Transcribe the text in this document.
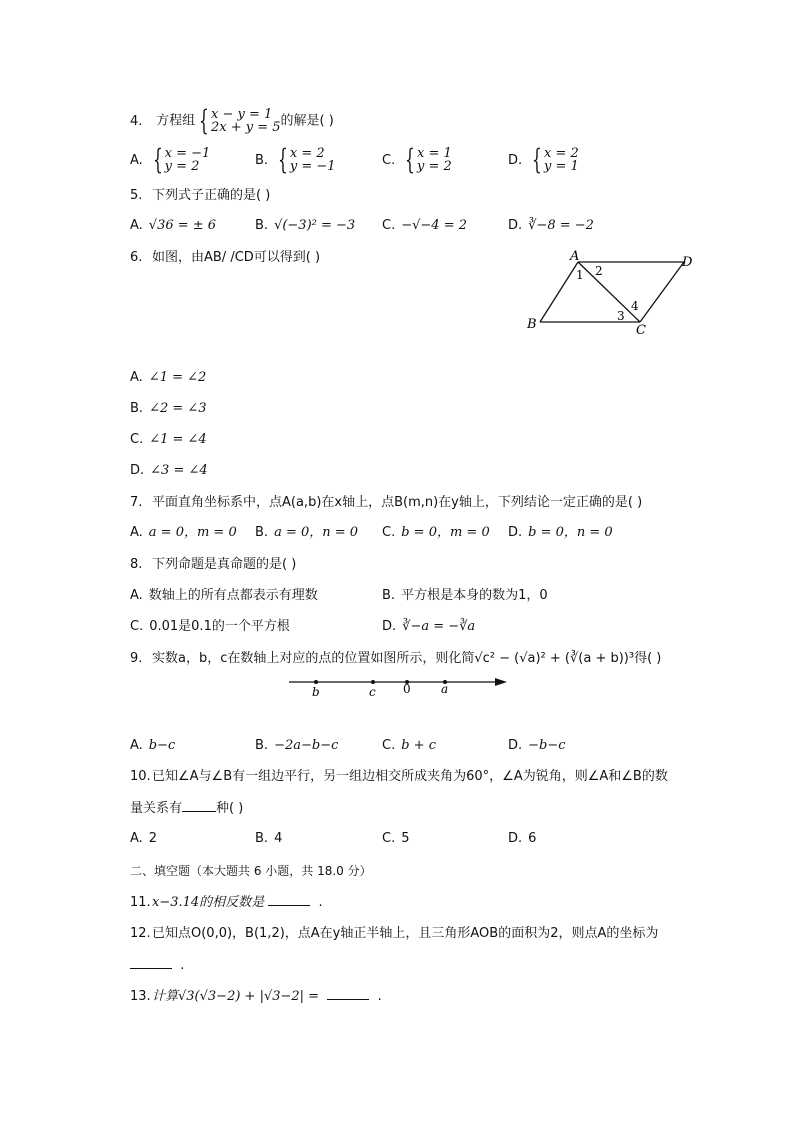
4. 方程组 { x − y = 1
2x + y = 5 的解是( )
A. { x = −1
y = 2	B. { x = 2
y = −1	C. { x = 1
y = 2	D. { x = 2
y = 1
5. 下列式子正确的是( )
A. √36 = ± 6	B. √(−3)² = −3 C. −√−4 = 2	D. ∛−8 = −2
6. 如图，由AB/ /CD可以得到( )	A	D
B	C
1 2
3
4
A. ∠1 = ∠2
B. ∠2 = ∠3
C. ∠1 = ∠4
D. ∠3 = ∠4
7. 平面直角坐标系中，点A(a,b)在x轴上，点B(m,n)在y轴上，下列结论一定正确的是( )
A. a = 0，m = 0 B. a = 0，n = 0 C. b = 0，m = 0 D. b = 0，n = 0
8. 下列命题是真命题的是( )
A. 数轴上的所有点都表示有理数	B. 平方根是本身的数为1，0
C. 0.01是0.1的一个平方根	D. ∛−a = −∛a
9. 实数a，b，c在数轴上对应的点的位置如图所示，则化简√c² − (√a)² + (∛(a + b))³得( )
b	c 0	a
A. b−c	B. −2a−b−c	C. b + c	D. −b−c
10.已知∠A与∠B有一组边平行，另一组边相交所成夹角为60°，∠A为锐角，则∠A和∠B的数
量关系有	种( )
A. 2	B. 4	C. 5	D. 6
二、填空题（本大题共 6 小题，共 18.0 分）
11.x−3.14的相反数是	.
12.已知点O(0,0)，B(1,2)，点A在y轴正半轴上，且三角形AOB的面积为2，则点A的坐标为
.
13.计算√3(√3−2) + |√3−2| =	.
